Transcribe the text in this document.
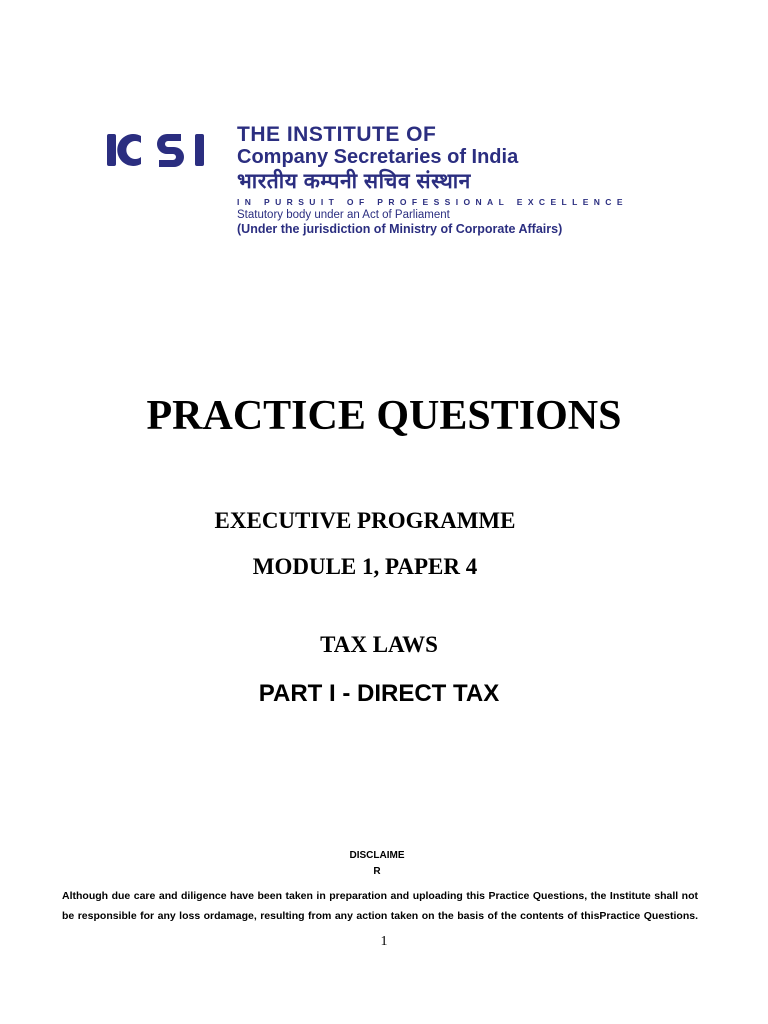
THE INSTITUTE OF
Company Secretaries of India
भारतीय कम्पनी सचिव संस्थान
IN PURSUIT OF PROFESSIONAL EXCELLENCE
Statutory body under an Act of Parliament
(Under the jurisdiction of Ministry of Corporate Affairs)
PRACTICE QUESTIONS
EXECUTIVE PROGRAMME
MODULE 1, PAPER 4
TAX LAWS
PART I - DIRECT TAX
DISCLAIME
R
Although due care and diligence have been taken in preparation and uploading this Practice Questions, the Institute shall not be responsible for any loss ordamage, resulting from any action taken on the basis of the contents of thisPractice Questions.
1
